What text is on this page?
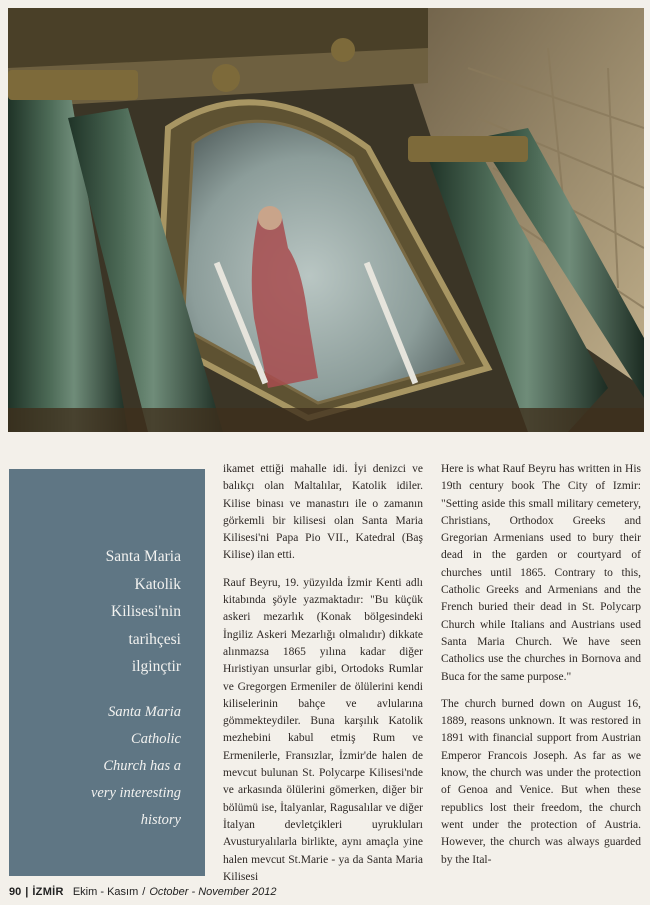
Santa Maria
Katolik
Kilisesi'nin
tarihçesi
ilginçtir

Santa Maria
Catholic
Church has a
very interesting
history

ikamet ettiği mahalle idi. İyi denizci ve balıkçı olan Maltalılar, Katolik idiler. Kilise binası ve manastırı ile o zamanın görkemli bir kilisesi olan Santa Maria Kilisesi'ni Papa Pio VII., Katedral (Baş Kilise) ilan etti.

Rauf Beyru, 19. yüzyılda İzmir Kenti adlı kitabında şöyle yazmaktadır: "Bu küçük askeri mezarlık (Konak bölgesindeki İngiliz Askeri Mezarlığı olmalıdır) dikkate alınmazsa 1865 yılına kadar diğer Hıristiyan unsurlar gibi, Ortodoks Rumlar ve Gregorgen Ermeniler de ölülerini kendi kiliselerinin bahçe ve avlularına gömmekteydiler. Buna karşılık Katolik mezhebini kabul etmiş Rum ve Ermenilerle, Fransızlar, İzmir'de halen de mevcut bulunan St. Polycarpe Kilisesi'nde ve arkasında ölülerini gömerken, diğer bir bölümü ise, İtalyanlar, Ragusalılar ve diğer İtalyan devletçikleri uyrukluları Avusturyalılarla birlikte, aynı amaçla yine halen mevcut St.Marie - ya da Santa Maria Kilisesi

Here is what Rauf Beyru has written in His 19th century book The City of Izmir: "Setting aside this small military cemetery, Christians, Orthodox Greeks and Gregorian Armenians used to bury their dead in the garden or courtyard of churches until 1865. Contrary to this, Catholic Greeks and Armenians and the French buried their dead in St. Polycarp Church while Italians and Austrians used Santa Maria Church. We have seen Catholics use the churches in Bornova and Buca for the same purpose."

The church burned down on August 16, 1889, reasons unknown. It was restored in 1891 with financial support from Austrian Emperor Francois Joseph. As far as we know, the church was under the protection of Genoa and Venice. But when these republics lost their freedom, the church went under the protection of Austria. However, the church was always guarded by the Ital-

90 | İZMİR Ekim - Kasım / October - November 2012
